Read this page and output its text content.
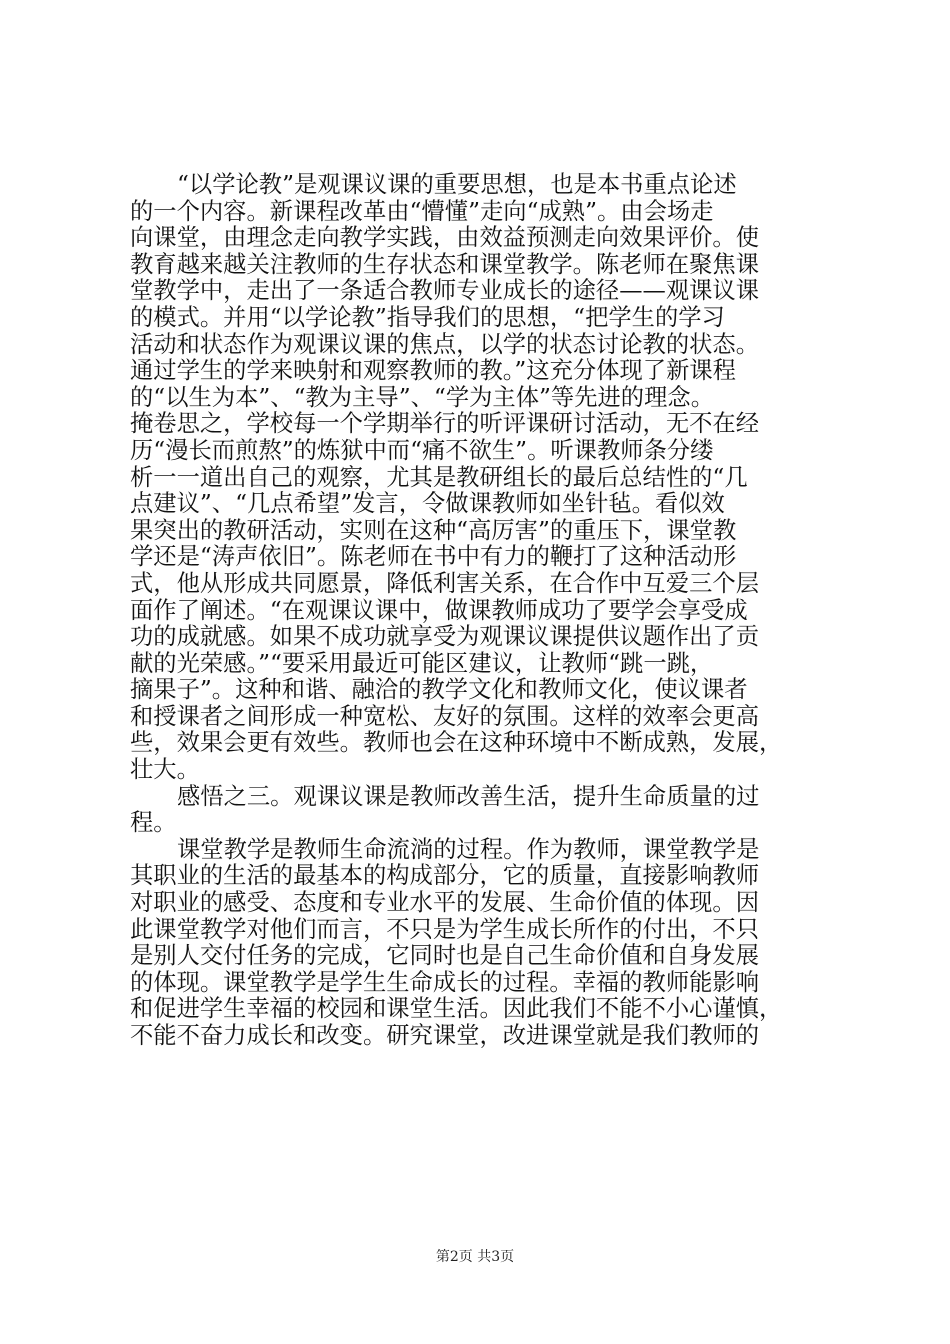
“以学论教”是观课议课的重要思想，也是本书重点论述
的一个内容。新课程改革由“懵懂”走向“成熟”。由会场走
向课堂，由理念走向教学实践，由效益预测走向效果评价。使
教育越来越关注教师的生存状态和课堂教学。陈老师在聚焦课
堂教学中，走出了一条适合教师专业成长的途径——观课议课
的模式。并用“以学论教”指导我们的思想，“把学生的学习
活动和状态作为观课议课的焦点，以学的状态讨论教的状态。
通过学生的学来映射和观察教师的教。”这充分体现了新课程
的“以生为本”、“教为主导”、“学为主体”等先进的理念。
掩卷思之，学校每一个学期举行的听评课研讨活动，无不在经
历“漫长而煎熬”的炼狱中而“痛不欲生”。听课教师条分缕
析一一道出自己的观察，尤其是教研组长的最后总结性的“几
点建议”、“几点希望”发言，令做课教师如坐针毡。看似效
果突出的教研活动，实则在这种“高厉害”的重压下，课堂教
学还是“涛声依旧”。陈老师在书中有力的鞭打了这种活动形
式，他从形成共同愿景，降低利害关系，在合作中互爱三个层
面作了阐述。“在观课议课中，做课教师成功了要学会享受成
功的成就感。如果不成功就享受为观课议课提供议题作出了贡
献的光荣感。”“要采用最近可能区建议，让教师“跳一跳，
摘果子”。这种和谐、融洽的教学文化和教师文化，使议课者
和授课者之间形成一种宽松、友好的氛围。这样的效率会更高
些，效果会更有效些。教师也会在这种环境中不断成熟，发展，
壮大。
感悟之三。观课议课是教师改善生活，提升生命质量的过
程。
课堂教学是教师生命流淌的过程。作为教师，课堂教学是
其职业的生活的最基本的构成部分，它的质量，直接影响教师
对职业的感受、态度和专业水平的发展、生命价值的体现。因
此课堂教学对他们而言，不只是为学生成长所作的付出，不只
是别人交付任务的完成，它同时也是自己生命价值和自身发展
的体现。课堂教学是学生生命成长的过程。幸福的教师能影响
和促进学生幸福的校园和课堂生活。因此我们不能不小心谨慎，
不能不奋力成长和改变。研究课堂，改进课堂就是我们教师的
第2页 共3页
